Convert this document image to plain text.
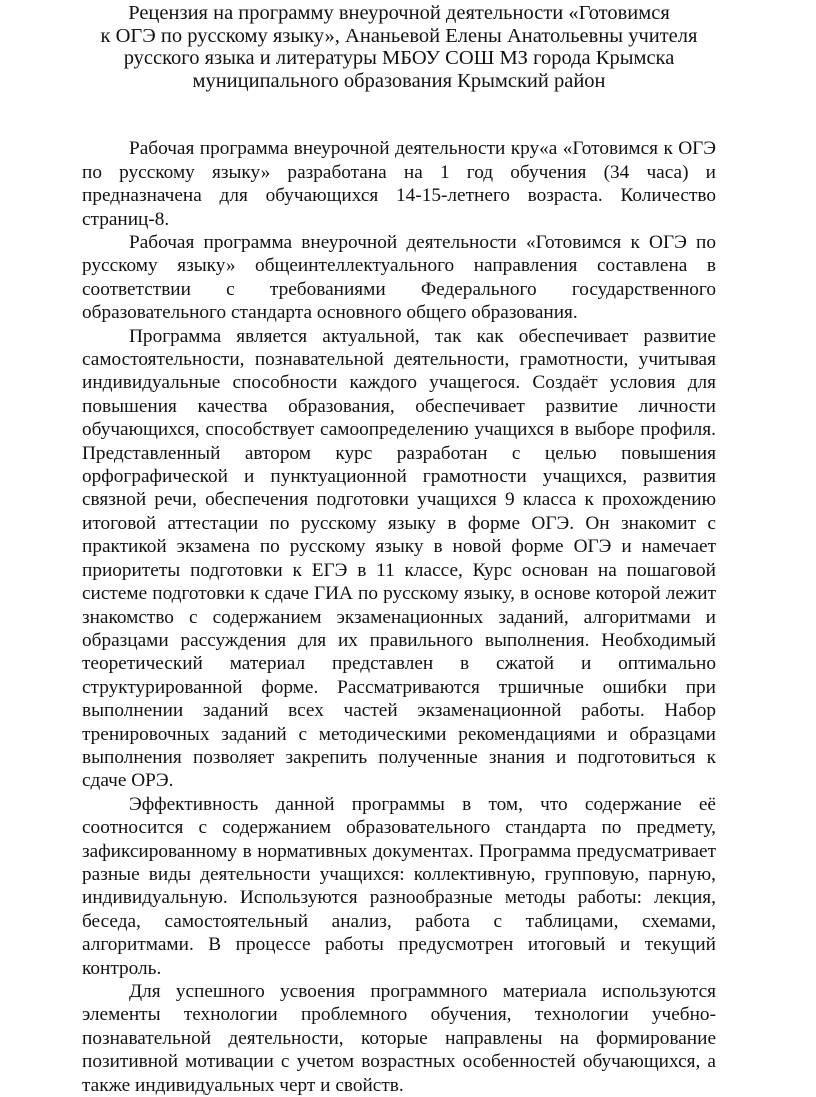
Рецензия на программу внеурочной деятельности «Готовимся
к ОГЭ по русскому языку», Ананьевой Елены Анатольевны учителя
русского языка и литературы МБОУ СОШ МЗ города Крымска
муниципального образования Крымский район

Рабочая программа внеурочной деятельности кру«а «Готовимся к ОГЭ по русскому языку» разработана на 1 год обучения (34 часа) и предназначена для обучающихся 14-15-летнего возраста. Количество страниц-8.

Рабочая программа внеурочной деятельности «Готовимся к ОГЭ по русскому языку» общеинтеллектуального направления составлена в соответствии с требованиями Федерального государственного образовательного стандарта основного общего образования.

Программа является актуальной, так как обеспечивает развитие самостоятельности, познавательной деятельности, грамотности, учитывая индивидуальные способности каждого учащегося. Создаёт условия для повышения качества образования, обеспечивает развитие личности обучающихся, способствует самоопределению учащихся в выборе профиля. Представленный автором курс разработан с целью повышения орфографической и пунктуационной грамотности учащихся, развития связной речи, обеспечения подготовки учащихся 9 класса к прохождению итоговой аттестации по русскому языку в форме ОГЭ. Он знакомит с практикой экзамена по русскому языку в новой форме ОГЭ и намечает приоритеты подготовки к ЕГЭ в 11 классе, Курс основан на пошаговой системе подготовки к сдаче ГИА по русскому языку, в основе которой лежит знакомство с содержанием экзаменационных заданий, алгоритмами и образцами рассуждения для их правильного выполнения. Необходимый теоретический материал представлен в сжатой и оптимально структурированной форме. Рассматриваются тршичные ошибки при выполнении заданий всех частей экзаменационной работы. Набор тренировочных заданий с методическими рекомендациями и образцами выполнения позволяет закрепить полученные знания и подготовиться к сдаче ОРЭ.

Эффективность данной программы в том, что содержание её соотносится с содержанием образовательного стандарта по предмету, зафиксированному в нормативных документах. Программа предусматривает разные виды деятельности учащихся: коллективную, групповую, парную, индивидуальную. Используются разнообразные методы работы: лекция, беседа, самостоятельный анализ, работа с таблицами, схемами, алгоритмами. В процессе работы предусмотрен итоговый и текущий контроль.

Для успешного усвоения программного материала используются элементы технологии проблемного обучения, технологии учебно-познавательной деятельности, которые направлены на формирование позитивной мотивации с учетом возрастных особенностей обучающихся, а также индивидуальных черт и свойств.
